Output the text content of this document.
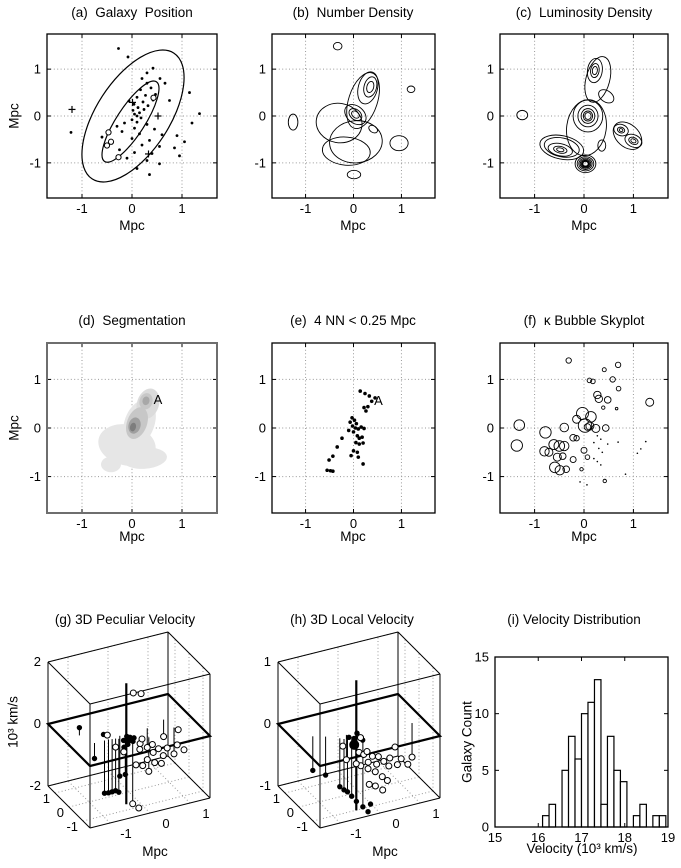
-1	0	1
-1
0
1
-1	0	1
-1
0
1
-1	0	1
-1
0
1
A
-1	0	1
-1
0
1
A
-1	0	1
-1
0
1
-1	0	1
-1
0
1
2
0
-2
-1
0
1
1
0
-1
1
0
-1
-1
0
1
1
0
-1
15 16 17 18 19
0
5
10
15
(a)  Galaxy  Position	(b)  Number Density	(c)  Luminosity Density
(d)  Segmentation	(e)  4 NN < 0.25 Mpc	(f)  κ Bubble Skyplot
(g) 3D Peculiar Velocity	(h) 3D Local Velocity	(i) Velocity Distribution
Mpc	Mpc	Mpc
Mpc	Mpc	Mpc
Mpc	Mpc	Velocity (10³ km/s)
Mpc
Mpc
10³ km/s	Galaxy Count
